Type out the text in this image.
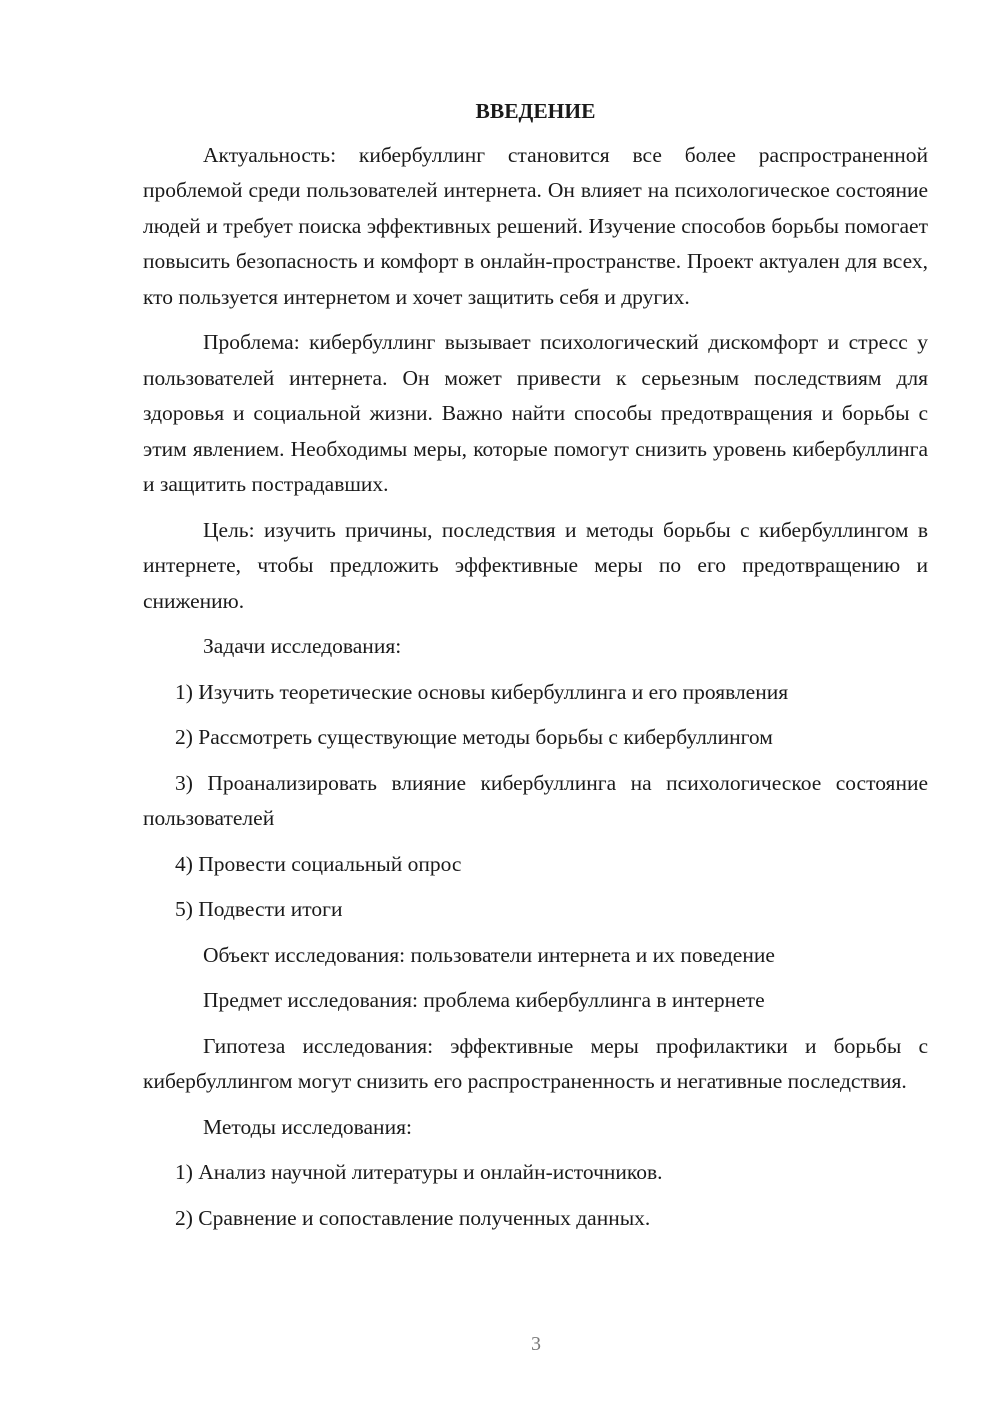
ВВЕДЕНИЕ

Актуальность: кибербуллинг становится все более распространенной проблемой среди пользователей интернета. Он влияет на психологическое состояние людей и требует поиска эффективных решений. Изучение способов борьбы помогает повысить безопасность и комфорт в онлайн-пространстве. Проект актуален для всех, кто пользуется интернетом и хочет защитить себя и других.

Проблема: кибербуллинг вызывает психологический дискомфорт и стресс у пользователей интернета. Он может привести к серьезным последствиям для здоровья и социальной жизни. Важно найти способы предотвращения и борьбы с этим явлением. Необходимы меры, которые помогут снизить уровень кибербуллинга и защитить пострадавших.

Цель: изучить причины, последствия и методы борьбы с кибербуллингом в интернете, чтобы предложить эффективные меры по его предотвращению и снижению.

Задачи исследования:

1) Изучить теоретические основы кибербуллинга и его проявления

2) Рассмотреть существующие методы борьбы с кибербуллингом

3) Проанализировать влияние кибербуллинга на психологическое состояние пользователей

4) Провести социальный опрос

5) Подвести итоги

Объект исследования: пользователи интернета и их поведение

Предмет исследования: проблема кибербуллинга в интернете

Гипотеза исследования: эффективные меры профилактики и борьбы с кибербуллингом могут снизить его распространенность и негативные последствия.

Методы исследования:

1) Анализ научной литературы и онлайн-источников.

2) Сравнение и сопоставление полученных данных.

3
